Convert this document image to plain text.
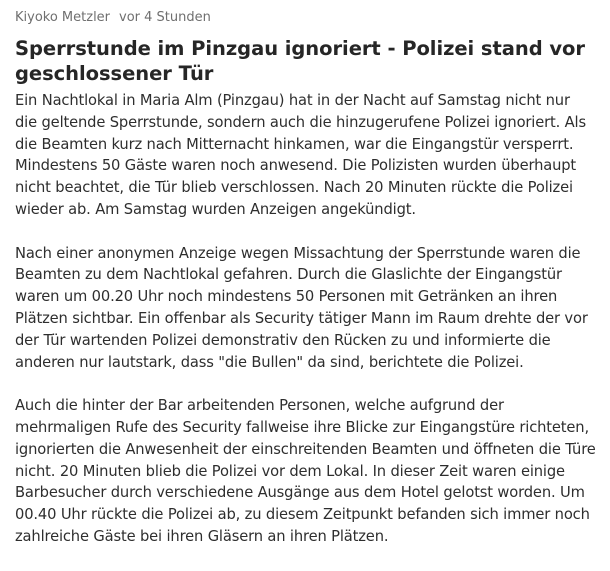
Kiyoko Metzler vor 4 Stunden
Sperrstunde im Pinzgau ignoriert - Polizei stand vor geschlossener Tür

Ein Nachtlokal in Maria Alm (Pinzgau) hat in der Nacht auf Samstag nicht nur die geltende Sperrstunde, sondern auch die hinzugerufene Polizei ignoriert. Als die Beamten kurz nach Mitternacht hinkamen, war die Eingangstür versperrt. Mindestens 50 Gäste waren noch anwesend. Die Polizisten wurden überhaupt nicht beachtet, die Tür blieb verschlossen. Nach 20 Minuten rückte die Polizei wieder ab. Am Samstag wurden Anzeigen angekündigt.

Nach einer anonymen Anzeige wegen Missachtung der Sperrstunde waren die Beamten zu dem Nachtlokal gefahren. Durch die Glaslichte der Eingangstür waren um 00.20 Uhr noch mindestens 50 Personen mit Getränken an ihren Plätzen sichtbar. Ein offenbar als Security tätiger Mann im Raum drehte der vor der Tür wartenden Polizei demonstrativ den Rücken zu und informierte die anderen nur lautstark, dass "die Bullen" da sind, berichtete die Polizei.

Auch die hinter der Bar arbeitenden Personen, welche aufgrund der mehrmaligen Rufe des Security fallweise ihre Blicke zur Eingangstüre richteten, ignorierten die Anwesenheit der einschreitenden Beamten und öffneten die Türe nicht. 20 Minuten blieb die Polizei vor dem Lokal. In dieser Zeit waren einige Barbesucher durch verschiedene Ausgänge aus dem Hotel gelotst worden. Um 00.40 Uhr rückte die Polizei ab, zu diesem Zeitpunkt befanden sich immer noch zahlreiche Gäste bei ihren Gläsern an ihren Plätzen.
